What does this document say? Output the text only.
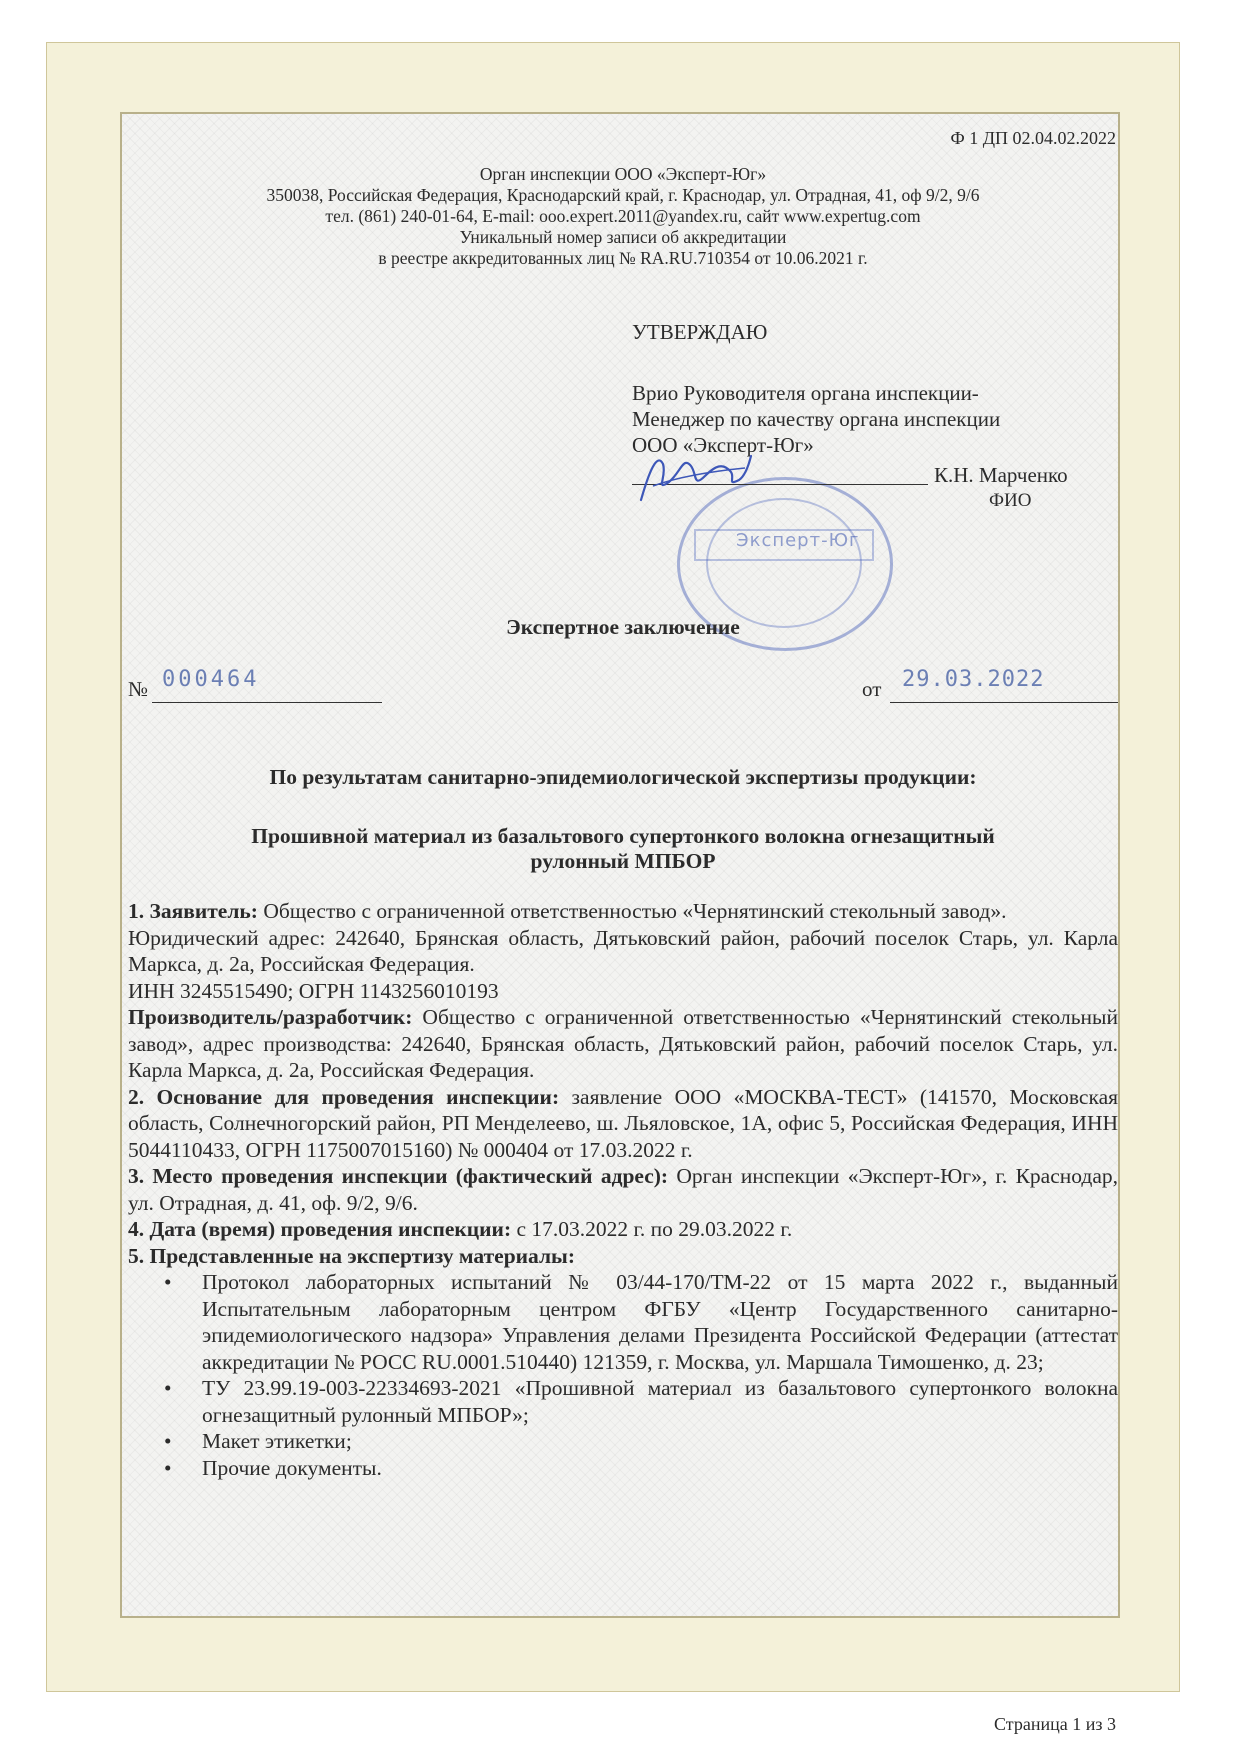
Ф 1 ДП 02.04.02.2022
Орган инспекции ООО «Эксперт-Юг»
350038, Российская Федерация, Краснодарский край, г. Краснодар, ул. Отрадная, 41, оф 9/2, 9/6
тел. (861) 240-01-64, E-mail: ooo.expert.2011@yandex.ru, сайт www.expertug.com
Уникальный номер записи об аккредитации
в реестре аккредитованных лиц № RA.RU.710354 от 10.06.2021 г.
УТВЕРЖДАЮ
Врио Руководителя органа инспекции-
Менеджер по качеству органа инспекции
ООО «Эксперт-Юг»
Эксперт-Юг
К.Н. Марченко
ФИО
Экспертное заключение
№ 000464	от 29.03.2022
По результатам санитарно-эпидемиологической экспертизы продукции:
Прошивной материал из базальтового супертонкого волокна огнезащитный
рулонный МПБОР

1. Заявитель: Общество с ограниченной ответственностью «Чернятинский стекольный завод».

Юридический адрес: 242640, Брянская область, Дятьковский район, рабочий поселок Старь, ул. Карла Маркса, д. 2а, Российская Федерация.

ИНН 3245515490; ОГРН 1143256010193

Производитель/разработчик: Общество с ограниченной ответственностью «Чернятинский стекольный завод», адрес производства: 242640, Брянская область, Дятьковский район, рабочий поселок Старь, ул. Карла Маркса, д. 2а, Российская Федерация.

2. Основание для проведения инспекции: заявление ООО «МОСКВА-ТЕСТ» (141570, Московская область, Солнечногорский район, РП Менделеево, ш. Льяловское, 1А, офис 5, Российская Федерация, ИНН 5044110433, ОГРН 1175007015160) № 000404 от 17.03.2022 г.

3. Место проведения инспекции (фактический адрес): Орган инспекции «Эксперт-Юг», г. Краснодар, ул. Отрадная, д. 41, оф. 9/2, 9/6.

4. Дата (время) проведения инспекции: с 17.03.2022 г. по 29.03.2022 г.

5. Представленные на экспертизу материалы:

• Протокол лабораторных испытаний № 03/44-170/ТМ-22 от 15 марта 2022 г., выданный Испытательным лабораторным центром ФГБУ «Центр Государственного санитарно-эпидемиологического надзора» Управления делами Президента Российской Федерации (аттестат аккредитации № РОСС RU.0001.510440) 121359, г. Москва, ул. Маршала Тимошенко, д. 23;
• ТУ 23.99.19-003-22334693-2021 «Прошивной материал из базальтового супертонкого волокна огнезащитный рулонный МПБОР»;
• Макет этикетки;
• Прочие документы.
Страница 1 из 3
